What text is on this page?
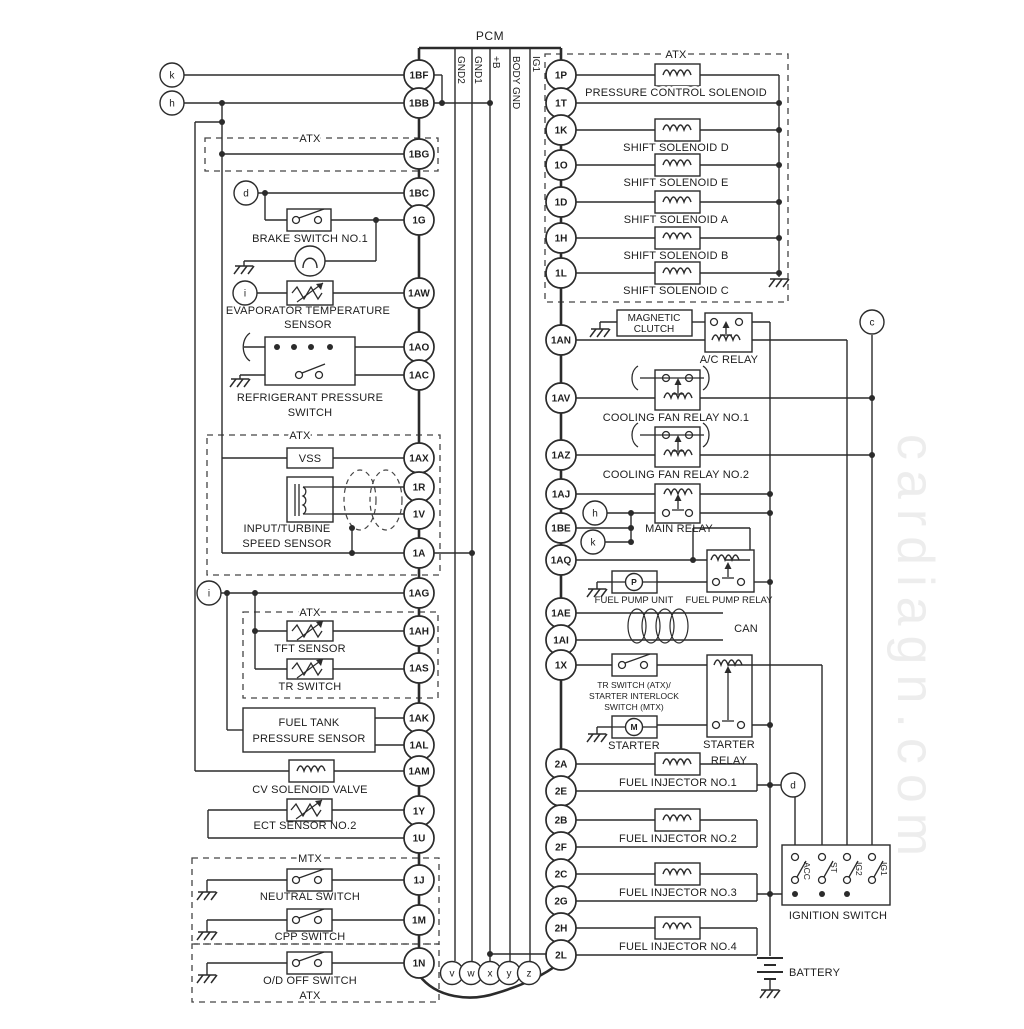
GND2 GND1 +B BODY GND IG1
ACC ST IG2 IG1
P
M
1BF
1BB
1BG
1BC
1G
1AW
1AO
1AC
1AX
1R
1V
1A
1AG
1AH
1AS
1AK
1AL
1AM
1Y
1U
1J
1M
1N
1P
1T
1K
1O
1D
1H
1L
1AN
1AV
1AZ
1AJ
1BE
1AQ
1AE
1AI
1X
2A
2E
2B
2F
2C
2G
2H
2L
k
h
d
i
i
h
k
c
d
v w x y z
cardiagn.com
PCM
ATX
PRESSURE CONTROL SOLENOID
SHIFT SOLENOID D
SHIFT SOLENOID E
SHIFT SOLENOID A
SHIFT SOLENOID B
SHIFT SOLENOID C
MAGNETIC
CLUTCH
A/C RELAY
COOLING FAN RELAY NO.1
COOLING FAN RELAY NO.2
MAIN RELAY
FUEL PUMP UNIT FUEL PUMP RELAY
CAN
TR SWITCH (ATX)/
STARTER INTERLOCK
SWITCH (MTX)
STARTER	STARTER
RELAY
FUEL INJECTOR NO.1
FUEL INJECTOR NO.2
FUEL INJECTOR NO.3
FUEL INJECTOR NO.4
IGNITION SWITCH
BATTERY
ATX
BRAKE SWITCH NO.1
EVAPORATOR TEMPERATURE
SENSOR
REFRIGERANT PRESSURE
SWITCH
ATX
VSS
INPUT/TURBINE
SPEED SENSOR
ATX
TFT SENSOR
TR SWITCH
FUEL TANK
PRESSURE SENSOR
CV SOLENOID VALVE
ECT SENSOR NO.2
MTX
NEUTRAL SWITCH
CPP SWITCH
O/D OFF SWITCH
ATX
